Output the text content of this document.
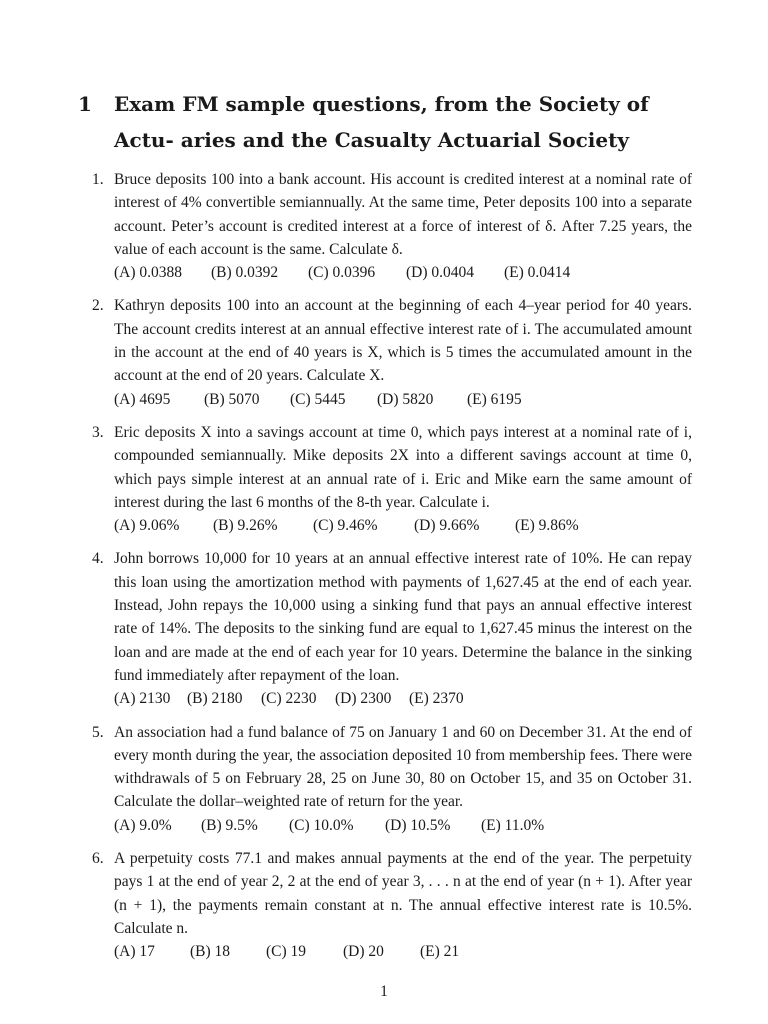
1 Exam FM sample questions, from the Society of Actu- aries and the Casualty Actuarial Society
1. Bruce deposits 100 into a bank account. His account is credited interest at a nominal rate of interest of 4% convertible semiannually. At the same time, Peter deposits 100 into a separate account. Peter’s account is credited interest at a force of interest of δ. After 7.25 years, the value of each account is the same. Calculate δ.
(A) 0.0388 (B) 0.0392 (C) 0.0396 (D) 0.0404 (E) 0.0414
2. Kathryn deposits 100 into an account at the beginning of each 4–year period for 40 years. The account credits interest at an annual effective interest rate of i. The accumulated amount in the account at the end of 40 years is X, which is 5 times the accumulated amount in the account at the end of 20 years. Calculate X.
(A) 4695 (B) 5070 (C) 5445 (D) 5820 (E) 6195
3. Eric deposits X into a savings account at time 0, which pays interest at a nominal rate of i, compounded semiannually. Mike deposits 2X into a different savings account at time 0, which pays simple interest at an annual rate of i. Eric and Mike earn the same amount of interest during the last 6 months of the 8-th year. Calculate i.
(A) 9.06% (B) 9.26% (C) 9.46% (D) 9.66% (E) 9.86%
4. John borrows 10,000 for 10 years at an annual effective interest rate of 10%. He can repay this loan using the amortization method with payments of 1,627.45 at the end of each year. Instead, John repays the 10,000 using a sinking fund that pays an annual effective interest rate of 14%. The deposits to the sinking fund are equal to 1,627.45 minus the interest on the loan and are made at the end of each year for 10 years. Determine the balance in the sinking fund immediately after repayment of the loan.
(A) 2130 (B) 2180 (C) 2230 (D) 2300 (E) 2370
5. An association had a fund balance of 75 on January 1 and 60 on December 31. At the end of every month during the year, the association deposited 10 from membership fees. There were withdrawals of 5 on February 28, 25 on June 30, 80 on October 15, and 35 on October 31. Calculate the dollar–weighted rate of return for the year.
(A) 9.0% (B) 9.5% (C) 10.0% (D) 10.5% (E) 11.0%
6. A perpetuity costs 77.1 and makes annual payments at the end of the year. The perpetuity pays 1 at the end of year 2, 2 at the end of year 3, . . . n at the end of year (n + 1). After year (n + 1), the payments remain constant at n. The annual effective interest rate is 10.5%. Calculate n.
(A) 17 (B) 18 (C) 19 (D) 20 (E) 21
1
